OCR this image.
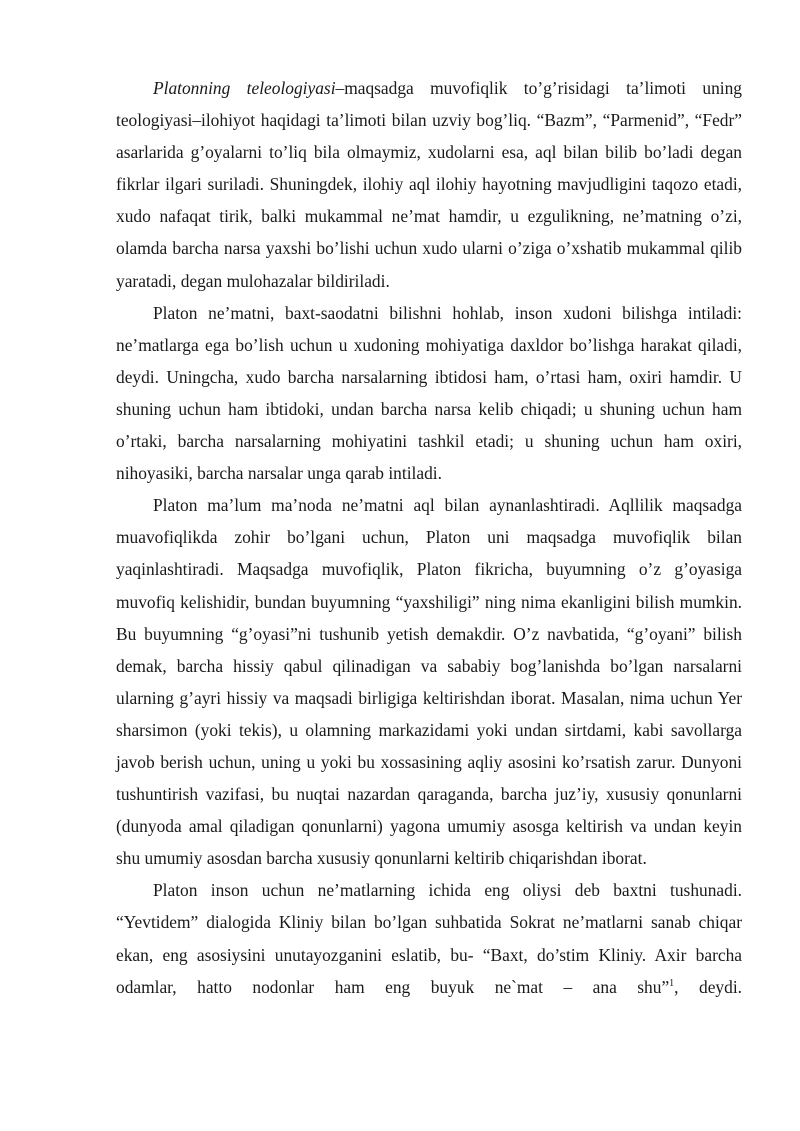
Platonning teleologiyasi–maqsadga muvofiqlik to’g’risidagi ta’limoti uning teologiyasi–ilohiyot haqidagi ta’limoti bilan uzviy bog’liq. “Bazm”, “Parmenid”, “Fedr” asarlarida g’oyalarni to’liq bila olmaymiz, xudolarni esa, aql bilan bilib bo’ladi degan fikrlar ilgari suriladi. Shuningdek, ilohiy aql ilohiy hayotning mavjudligini taqozo etadi, xudo nafaqat tirik, balki mukammal ne’mat hamdir, u ezgulikning, ne’matning o’zi, olamda barcha narsa yaxshi bo’lishi uchun xudo ularni o’ziga o’xshatib mukammal qilib yaratadi, degan mulohazalar bildiriladi.

Platon ne’matni, baxt-saodatni bilishni hohlab, inson xudoni bilishga intiladi: ne’matlarga ega bo’lish uchun u xudoning mohiyatiga daxldor bo’lishga harakat qiladi, deydi. Uningcha, xudo barcha narsalarning ibtidosi ham, o’rtasi ham, oxiri hamdir. U shuning uchun ham ibtidoki, undan barcha narsa kelib chiqadi; u shuning uchun ham o’rtaki, barcha narsalarning mohiyatini tashkil etadi; u shuning uchun ham oxiri, nihoyasiki, barcha narsalar unga qarab intiladi.

Platon ma’lum ma’noda ne’matni aql bilan aynanlashtiradi. Aqllilik maqsadga muavofiqlikda zohir bo’lgani uchun, Platon uni maqsadga muvofiqlik bilan yaqinlashtiradi. Maqsadga muvofiqlik, Platon fikricha, buyumning o’z g’oyasiga muvofiq kelishidir, bundan buyumning “yaxshiligi” ning nima ekanligini bilish mumkin. Bu buyumning “g’oyasi”ni tushunib yetish demakdir. O’z navbatida, “g’oyani” bilish demak, barcha hissiy qabul qilinadigan va sababiy bog’lanishda bo’lgan narsalarni ularning g’ayri hissiy va maqsadi birligiga keltirishdan iborat. Masalan, nima uchun Yer sharsimon (yoki tekis), u olamning markazidami yoki undan sirtdami, kabi savollarga javob berish uchun, uning u yoki bu xossasining aqliy asosini ko’rsatish zarur. Dunyoni tushuntirish vazifasi, bu nuqtai nazardan qaraganda, barcha juz’iy, xususiy qonunlarni (dunyoda amal qiladigan qonunlarni) yagona umumiy asosga keltirish va undan keyin shu umumiy asosdan barcha xususiy qonunlarni keltirib chiqarishdan iborat.

Platon inson uchun ne’matlarning ichida eng oliysi deb baxtni tushunadi. “Yevtidem” dialogida Kliniy bilan bo’lgan suhbatida Sokrat ne’matlarni sanab chiqar ekan, eng asosiysini unutayozganini eslatib, bu- “Baxt, do’stim Kliniy. Axir barcha odamlar, hatto nodonlar ham eng buyuk ne`mat – ana shu”$^1$, deydi.
